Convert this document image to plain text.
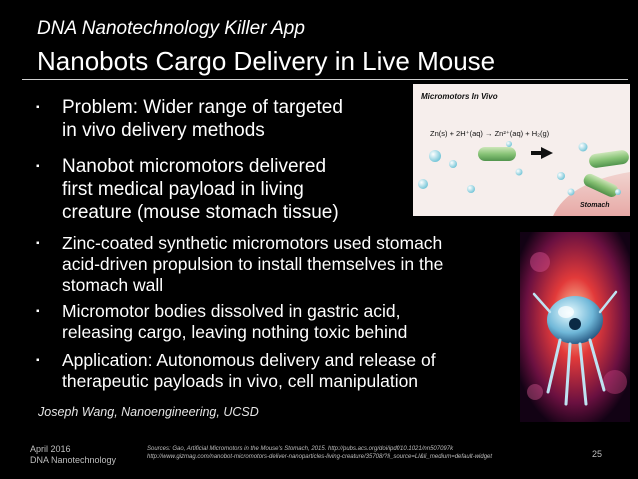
DNA Nanotechnology Killer App
Nanobots Cargo Delivery in Live Mouse
▪	Problem: Wider range of targeted
in vivo delivery methods
▪	Nanobot micromotors delivered
first medical payload in living
creature (mouse stomach tissue)
▪	Zinc-coated synthetic micromotors used stomach
acid-driven propulsion to install themselves in the
stomach wall
▪	Micromotor bodies dissolved in gastric acid,
releasing cargo, leaving nothing toxic behind
▪	Application: Autonomous delivery and release of
therapeutic payloads in vivo, cell manipulation
Micromotors In Vivo
Zn(s) + 2H⁺(aq) → Zn²⁺(aq) + H₂(g)
Stomach
Joseph Wang, Nanoengineering, UCSD
April 2016
DNA Nanotechnology
Sources: Gao, Artificial Micromotors in the Mouse's Stomach, 2015. http://pubs.acs.org/doi/ipdf/10.1021/nn507097k
http://www.gizmag.com/nanobot-micromotors-deliver-nanoparticles-living-creature/35708/?li_source=LI&li_medium=default-widget	25
